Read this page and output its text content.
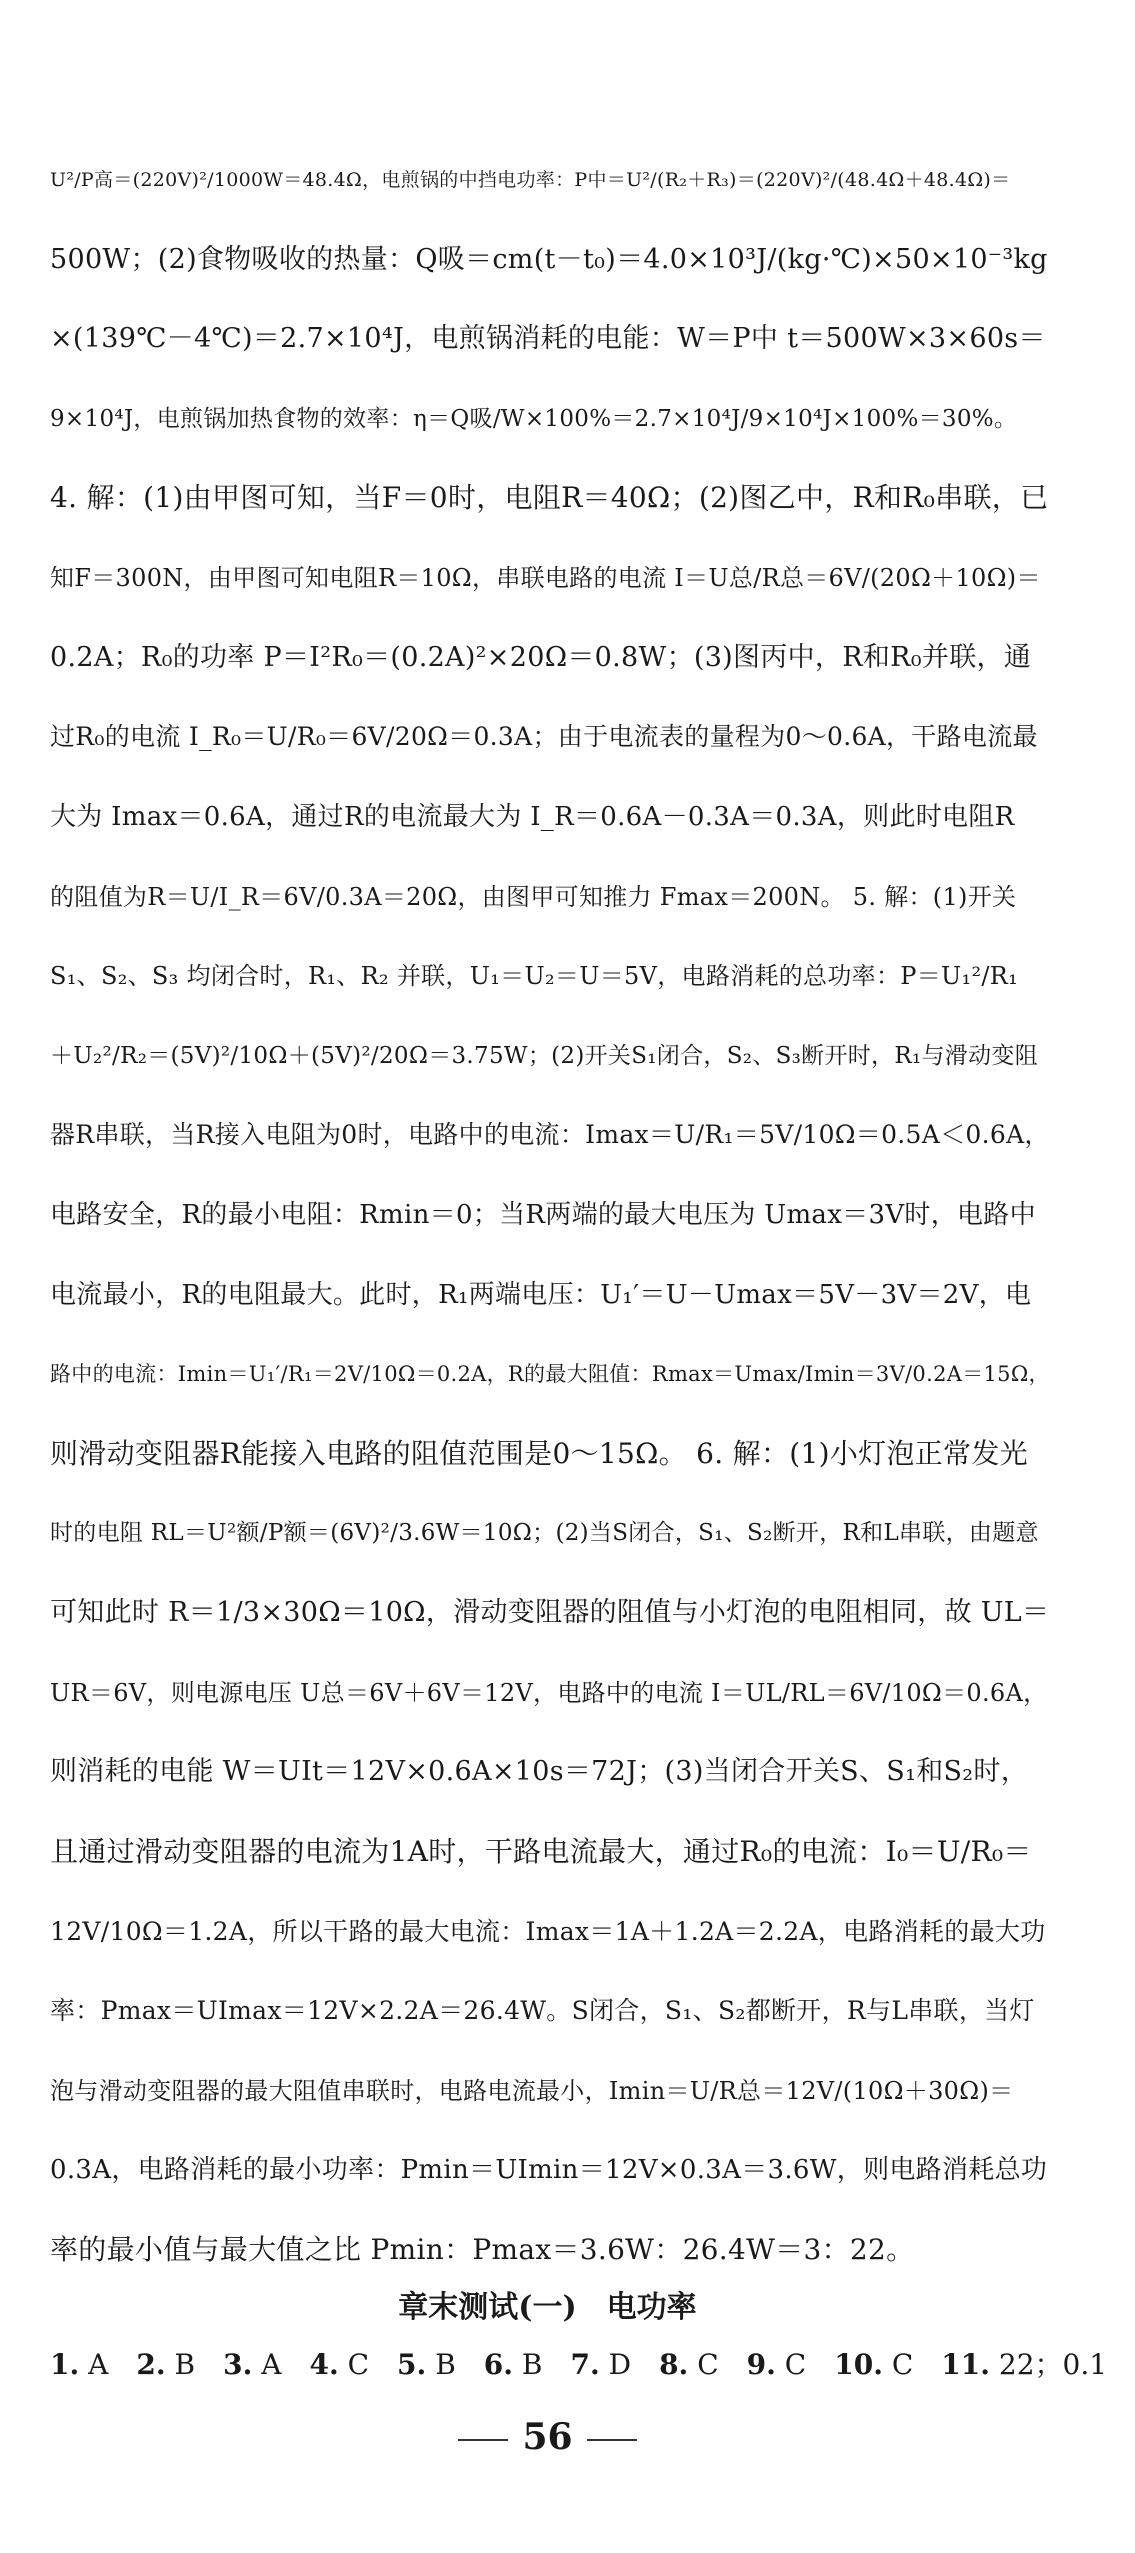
U²/P高＝(220V)²/1000W＝48.4Ω，电煎锅的中挡电功率：P中＝U²/(R₂＋R₃)＝(220V)²/(48.4Ω＋48.4Ω)＝
500W；(2)食物吸收的热量：Q吸＝cm(t－t₀)＝4.0×10³J/(kg·℃)×50×10⁻³kg
×(139℃－4℃)＝2.7×10⁴J，电煎锅消耗的电能：W＝P中 t＝500W×3×60s＝
9×10⁴J，电煎锅加热食物的效率：η＝Q吸/W×100%＝2.7×10⁴J/9×10⁴J×100%＝30%。
4. 解：(1)由甲图可知，当F＝0时，电阻R＝40Ω；(2)图乙中，R和R₀串联，已
知F＝300N，由甲图可知电阻R＝10Ω，串联电路的电流 I＝U总/R总＝6V/(20Ω＋10Ω)＝
0.2A；R₀的功率 P＝I²R₀＝(0.2A)²×20Ω＝0.8W；(3)图丙中，R和R₀并联，通
过R₀的电流 I_R₀＝U/R₀＝6V/20Ω＝0.3A；由于电流表的量程为0～0.6A，干路电流最
大为 Imax＝0.6A，通过R的电流最大为 I_R＝0.6A－0.3A＝0.3A，则此时电阻R
的阻值为R＝U/I_R＝6V/0.3A＝20Ω，由图甲可知推力 Fmax＝200N。 5. 解：(1)开关
S₁、S₂、S₃ 均闭合时，R₁、R₂ 并联，U₁＝U₂＝U＝5V，电路消耗的总功率：P＝U₁²/R₁
＋U₂²/R₂＝(5V)²/10Ω＋(5V)²/20Ω＝3.75W；(2)开关S₁闭合，S₂、S₃断开时，R₁与滑动变阻
器R串联，当R接入电阻为0时，电路中的电流：Imax＝U/R₁＝5V/10Ω＝0.5A＜0.6A，
电路安全，R的最小电阻：Rmin＝0；当R两端的最大电压为 Umax＝3V时，电路中
电流最小，R的电阻最大。此时，R₁两端电压：U₁′＝U－Umax＝5V－3V＝2V，电
路中的电流：Imin＝U₁′/R₁＝2V/10Ω＝0.2A，R的最大阻值：Rmax＝Umax/Imin＝3V/0.2A＝15Ω，
则滑动变阻器R能接入电路的阻值范围是0～15Ω。 6. 解：(1)小灯泡正常发光
时的电阻 RL＝U²额/P额＝(6V)²/3.6W＝10Ω；(2)当S闭合，S₁、S₂断开，R和L串联，由题意
可知此时 R＝1/3×30Ω＝10Ω，滑动变阻器的阻值与小灯泡的电阻相同，故 UL＝
UR＝6V，则电源电压 U总＝6V＋6V＝12V，电路中的电流 I＝UL/RL＝6V/10Ω＝0.6A，
则消耗的电能 W＝UIt＝12V×0.6A×10s＝72J；(3)当闭合开关S、S₁和S₂时，
且通过滑动变阻器的电流为1A时，干路电流最大，通过R₀的电流：I₀＝U/R₀＝
12V/10Ω＝1.2A，所以干路的最大电流：Imax＝1A＋1.2A＝2.2A，电路消耗的最大功
率：Pmax＝UImax＝12V×2.2A＝26.4W。S闭合，S₁、S₂都断开，R与L串联，当灯
泡与滑动变阻器的最大阻值串联时，电路电流最小，Imin＝U/R总＝12V/(10Ω＋30Ω)＝
0.3A，电路消耗的最小功率：Pmin＝UImin＝12V×0.3A＝3.6W，则电路消耗总功
率的最小值与最大值之比 Pmin：Pmax＝3.6W：26.4W＝3：22。
章末测试(一)　电功率
1. A 2. B 3. A 4. C 5. B 6. B 7. D 8. C 9. C 10. C 11. 22；0.1
56
